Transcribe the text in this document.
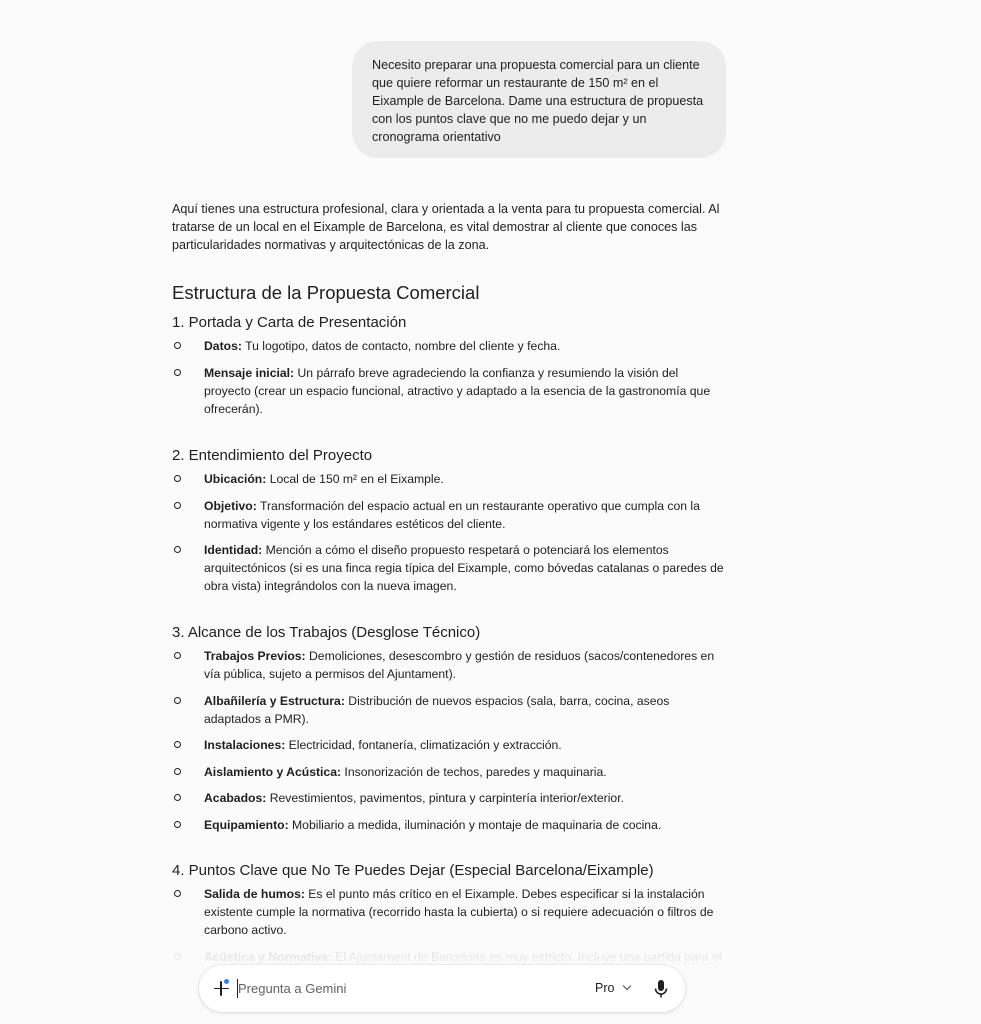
Necesito preparar una propuesta comercial para un cliente que quiere reformar un restaurante de 150 m² en el Eixample de Barcelona. Dame una estructura de propuesta con los puntos clave que no me puedo dejar y un cronograma orientativo

Aquí tienes una estructura profesional, clara y orientada a la venta para tu propuesta comercial. Al tratarse de un local en el Eixample de Barcelona, es vital demostrar al cliente que conoces las particularidades normativas y arquitectónicas de la zona.

Estructura de la Propuesta Comercial
1. Portada y Carta de Presentación
Datos: Tu logotipo, datos de contacto, nombre del cliente y fecha.
Mensaje inicial: Un párrafo breve agradeciendo la confianza y resumiendo la visión del proyecto (crear un espacio funcional, atractivo y adaptado a la esencia de la gastronomía que ofrecerán).
2. Entendimiento del Proyecto
Ubicación: Local de 150 m² en el Eixample.
Objetivo: Transformación del espacio actual en un restaurante operativo que cumpla con la normativa vigente y los estándares estéticos del cliente.
Identidad: Mención a cómo el diseño propuesto respetará o potenciará los elementos arquitectónicos (si es una finca regia típica del Eixample, como bóvedas catalanas o paredes de obra vista) integrándolos con la nueva imagen.
3. Alcance de los Trabajos (Desglose Técnico)
Trabajos Previos: Demoliciones, desescombro y gestión de residuos (sacos/contenedores en vía pública, sujeto a permisos del Ajuntament).
Albañilería y Estructura: Distribución de nuevos espacios (sala, barra, cocina, aseos adaptados a PMR).
Instalaciones: Electricidad, fontanería, climatización y extracción.
Aislamiento y Acústica: Insonorización de techos, paredes y maquinaria.
Acabados: Revestimientos, pavimentos, pintura y carpintería interior/exterior.
Equipamiento: Mobiliario a medida, iluminación y montaje de maquinaria de cocina.
4. Puntos Clave que No Te Puedes Dejar (Especial Barcelona/Eixample)
Salida de humos: Es el punto más crítico en el Eixample. Debes especificar si la instalación existente cumple la normativa (recorrido hasta la cubierta) o si requiere adecuación o filtros de carbono activo.
Pregunta a Gemini	Pro
